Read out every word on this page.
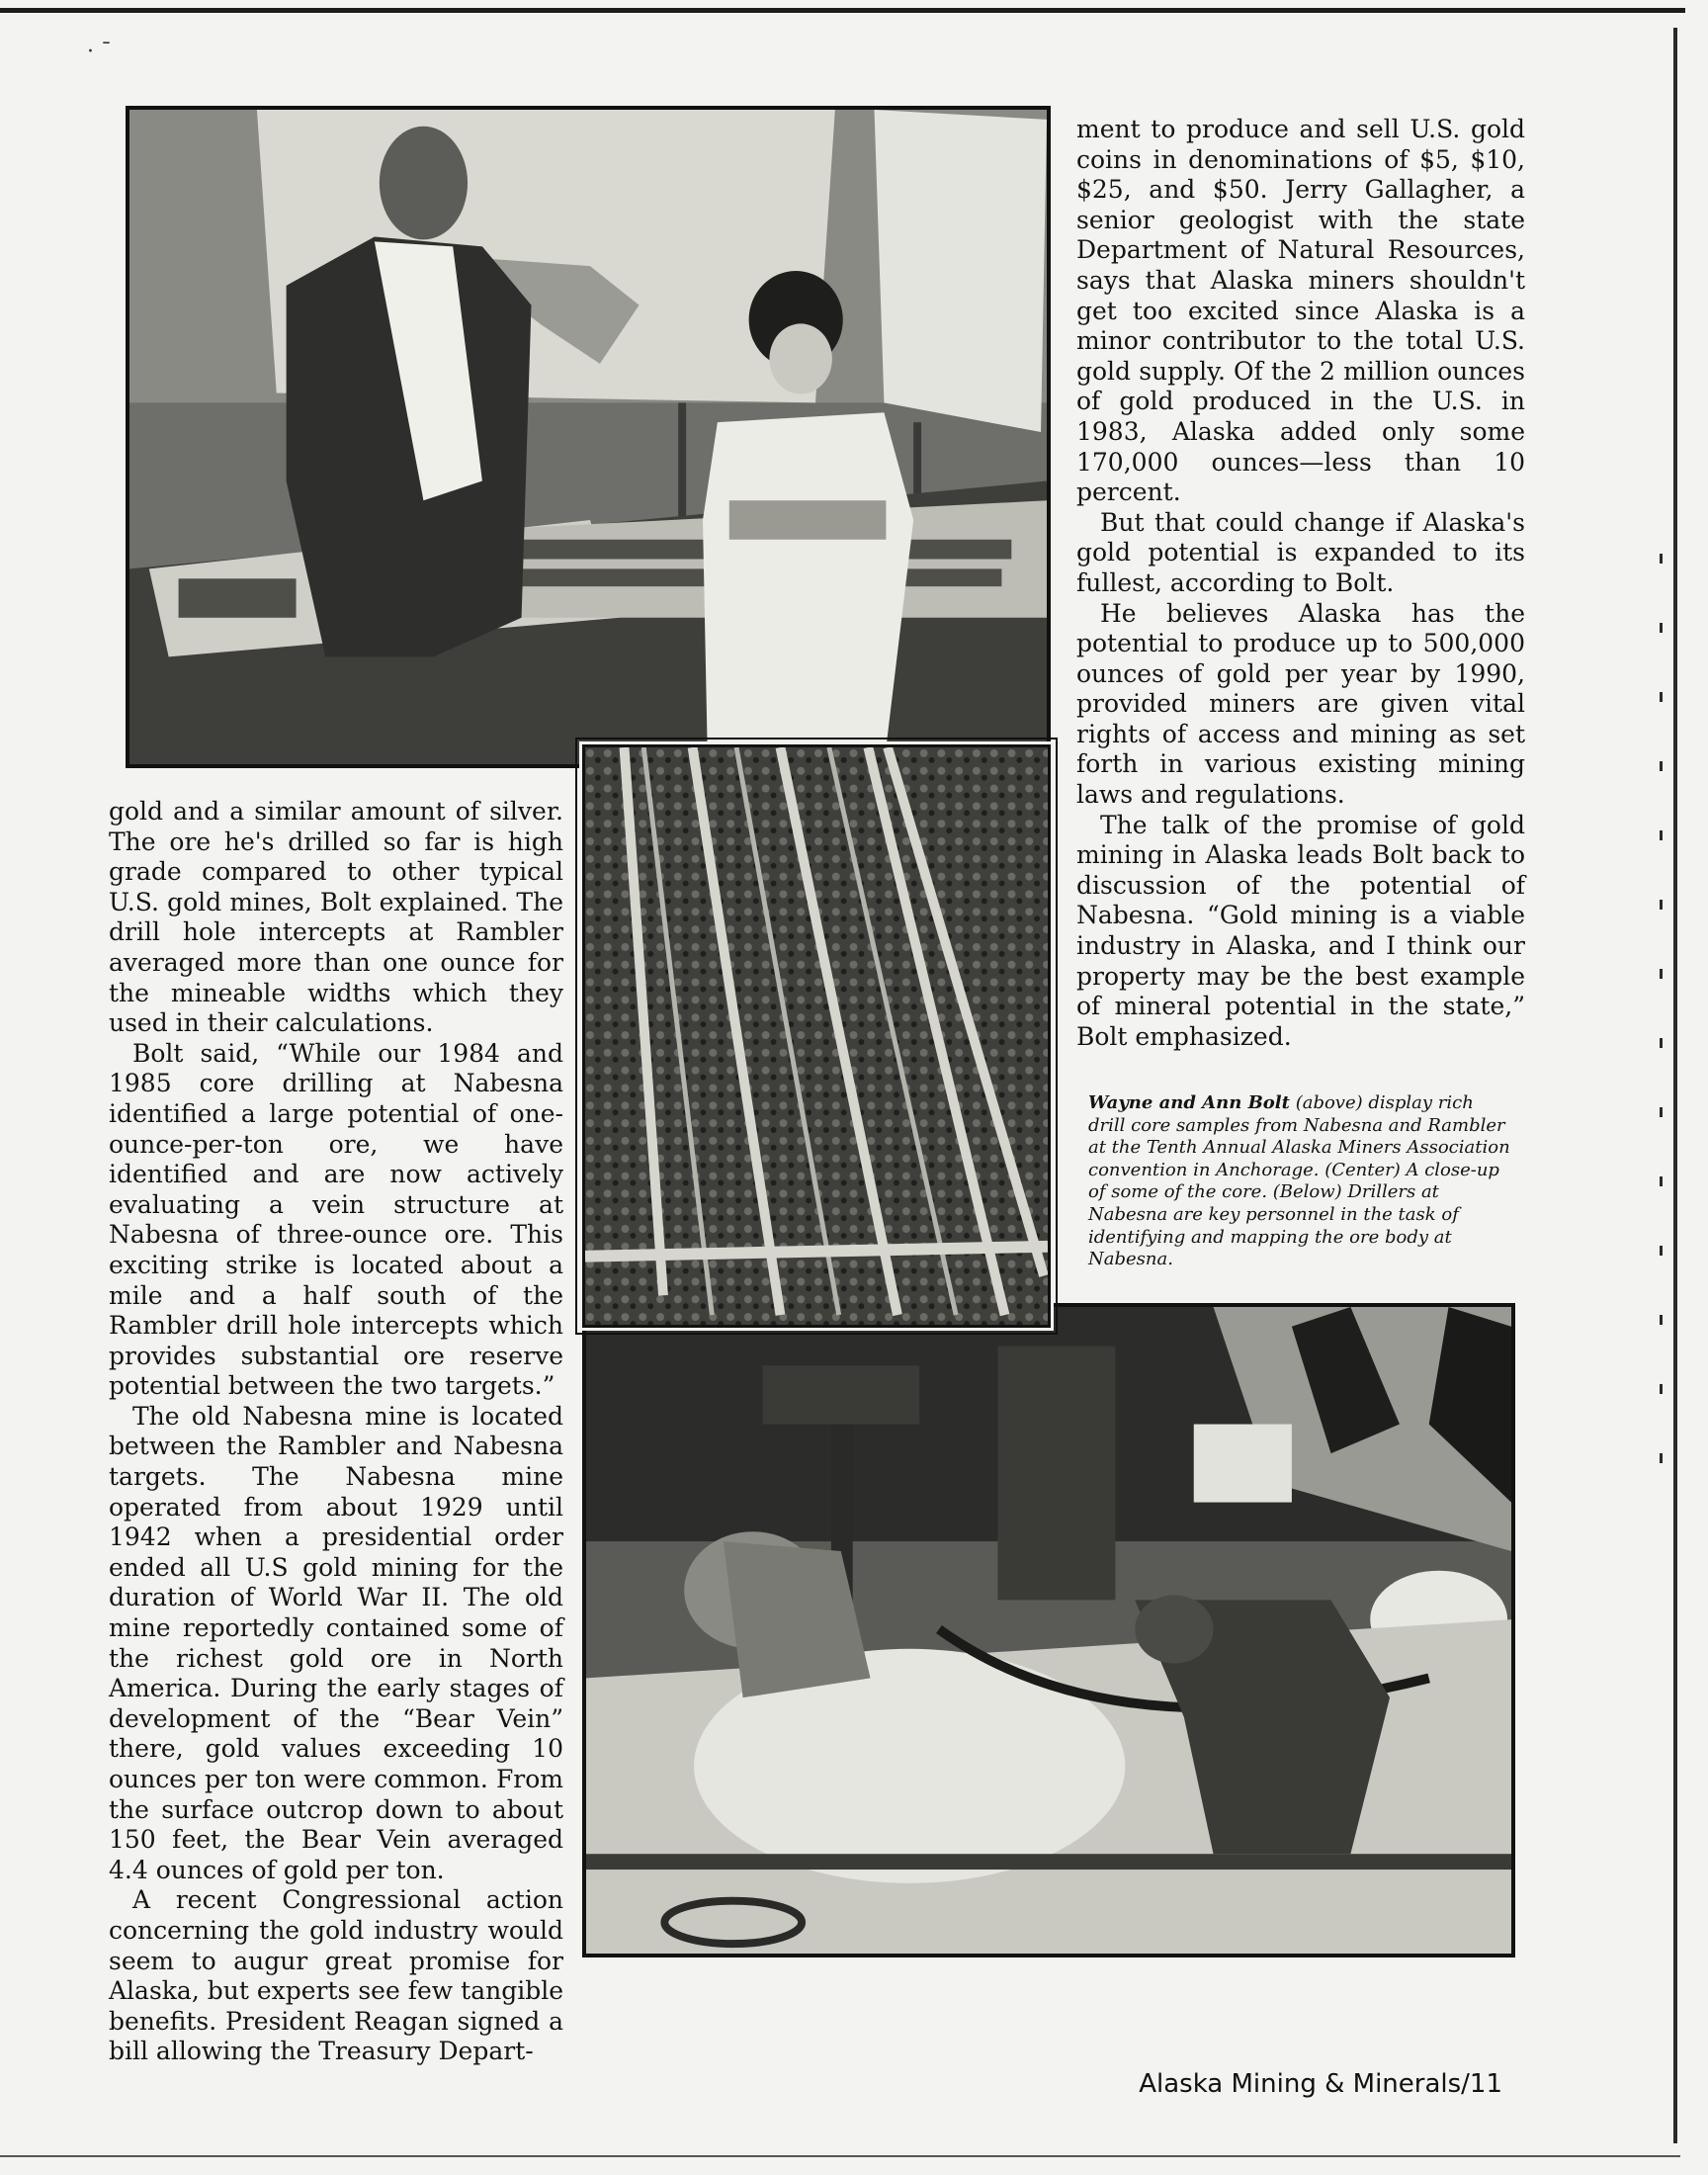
· ˉ

gold and a similar amount of silver. The ore he's drilled so far is high grade compared to other typical U.S. gold mines, Bolt explained. The drill hole intercepts at Rambler averaged more than one ounce for the mineable widths which they used in their calculations.

Bolt said, “While our 1984 and 1985 core drilling at Nabesna identified a large potential of one-ounce-per-ton ore, we have identified and are now actively evaluating a vein structure at Nabesna of three-ounce ore. This exciting strike is located about a mile and a half south of the Rambler drill hole intercepts which provides substantial ore reserve potential between the two targets.”

The old Nabesna mine is located between the Rambler and Nabesna targets. The Nabesna mine operated from about 1929 until 1942 when a presidential order ended all U.S gold mining for the duration of World War II. The old mine reportedly contained some of the richest gold ore in North America. During the early stages of development of the “Bear Vein” there, gold values exceeding 10 ounces per ton were common. From the surface outcrop down to about 150 feet, the Bear Vein averaged 4.4 ounces of gold per ton.

A recent Congressional action concerning the gold industry would seem to augur great promise for Alaska, but experts see few tangible benefits. President Reagan signed a bill allowing the Treasury Depart-

ment to produce and sell U.S. gold coins in denominations of $5, $10, $25, and $50. Jerry Gallagher, a senior geologist with the state Department of Natural Resources, says that Alaska miners shouldn't get too excited since Alaska is a minor contributor to the total U.S. gold supply. Of the 2 million ounces of gold produced in the U.S. in 1983, Alaska added only some 170,000 ounces—less than 10 percent.

But that could change if Alaska's gold potential is expanded to its fullest, according to Bolt.

He believes Alaska has the potential to produce up to 500,000 ounces of gold per year by 1990, provided miners are given vital rights of access and mining as set forth in various existing mining laws and regulations.

The talk of the promise of gold mining in Alaska leads Bolt back to discussion of the potential of Nabesna. “Gold mining is a viable industry in Alaska, and I think our property may be the best example of mineral potential in the state,” Bolt emphasized.

Wayne and Ann Bolt (above) display rich drill core samples from Nabesna and Rambler at the Tenth Annual Alaska Miners Association convention in Anchorage. (Center) A close-up of some of the core. (Below) Drillers at Nabesna are key personnel in the task of identifying and mapping the ore body at Nabesna.
Alaska Mining & Minerals/11
